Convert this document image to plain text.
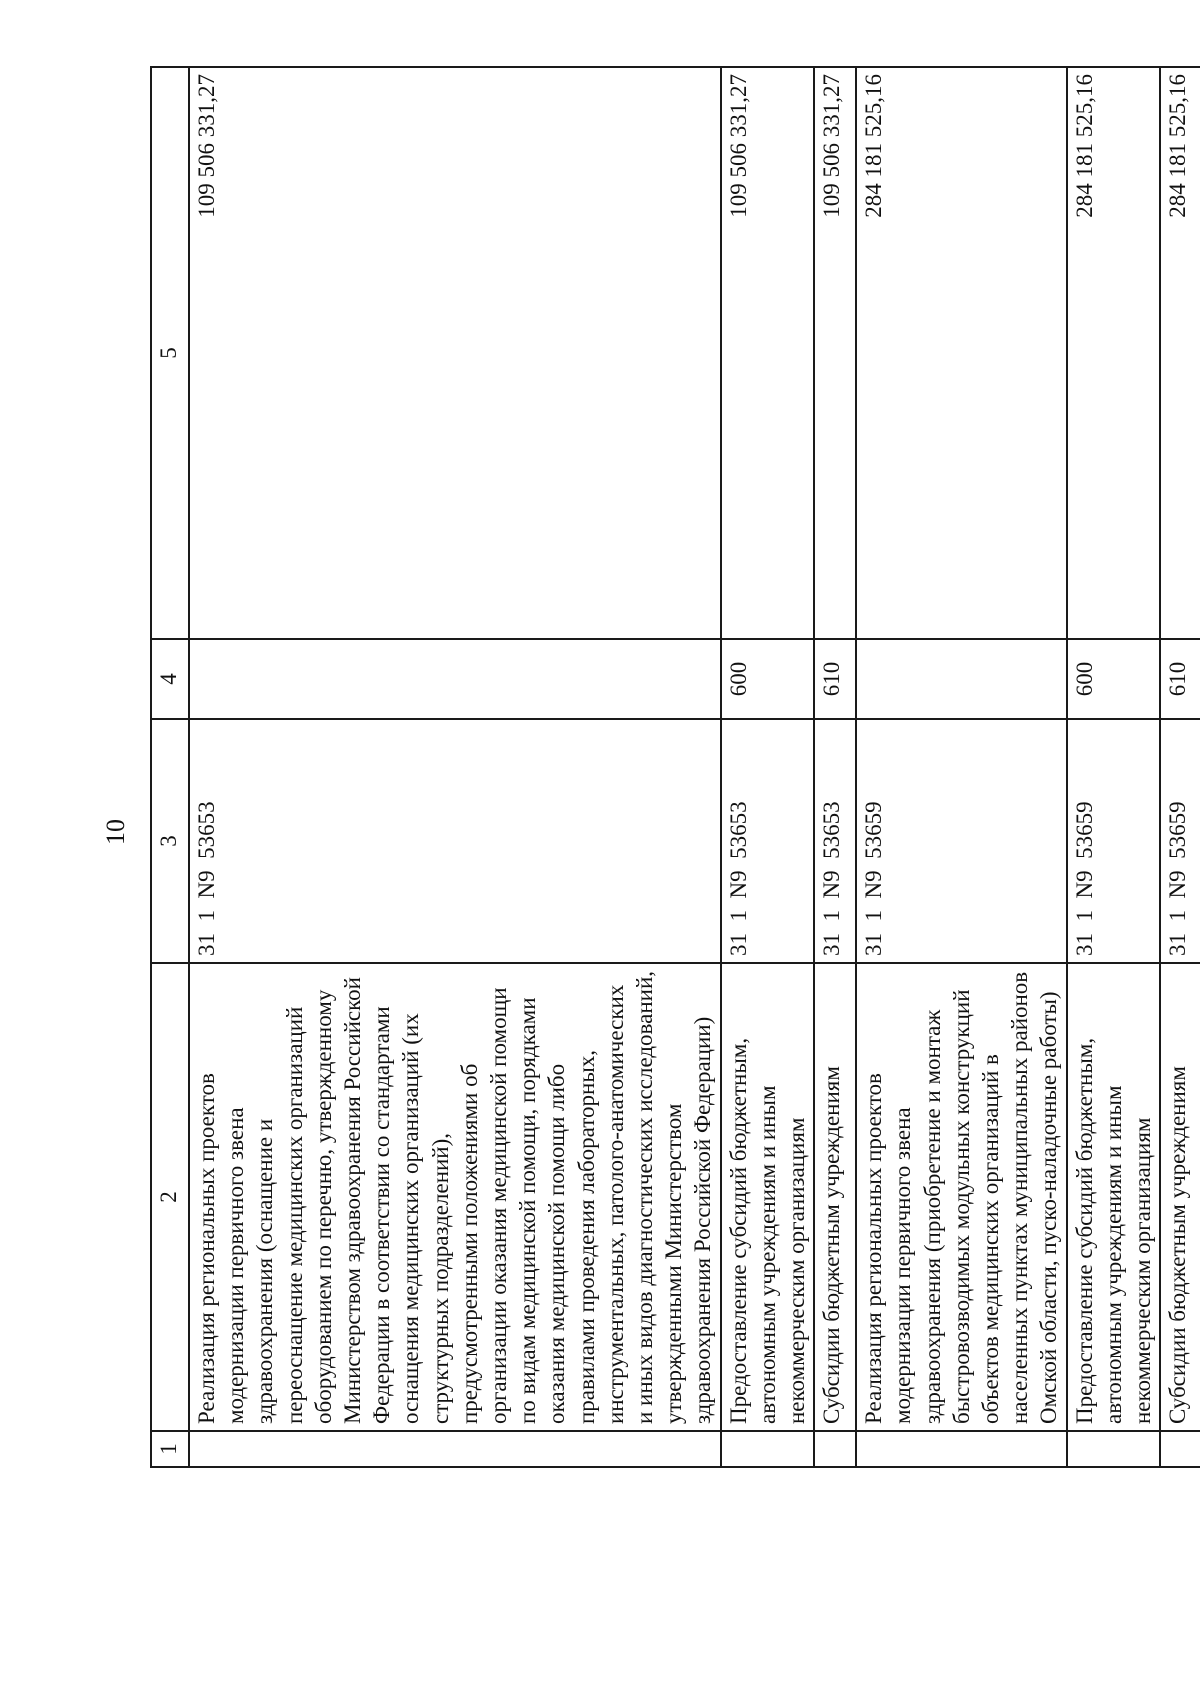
10
1	2	3	4	5
	Реализация региональных проектов модернизации первичного звена здравоохранения (оснащение и переоснащение медицинских организаций оборудованием по перечню, утвержденному Министерством здравоохранения Российской Федерации в соответствии со стандартами оснащения медицинских организаций (их структурных подразделений), предусмотренными положениями об организации оказания медицинской помощи по видам медицинской помощи, порядками оказания медицинской помощи либо правилами проведения лабораторных, инструментальных, патолого-анатомических и иных видов диагностических исследований, утвержденными Министерством здравоохранения Российской Федерации)	31  1  N9  53653		109 506 331,27
	Предоставление субсидий бюджетным, автономным учреждениям и иным некоммерческим организациям	31  1  N9  53653	600	109 506 331,27
	Субсидии бюджетным учреждениям	31  1  N9  53653	610	109 506 331,27
	Реализация региональных проектов модернизации первичного звена здравоохранения (приобретение и монтаж быстровозводимых модульных конструкций объектов медицинских организаций в населенных пунктах муниципальных районов Омской области, пуско-наладочные работы)	31  1  N9  53659		284 181 525,16
	Предоставление субсидий бюджетным, автономным учреждениям и иным некоммерческим организациям	31  1  N9  53659	600	284 181 525,16
	Субсидии бюджетным учреждениям	31  1  N9  53659	610	284 181 525,16
